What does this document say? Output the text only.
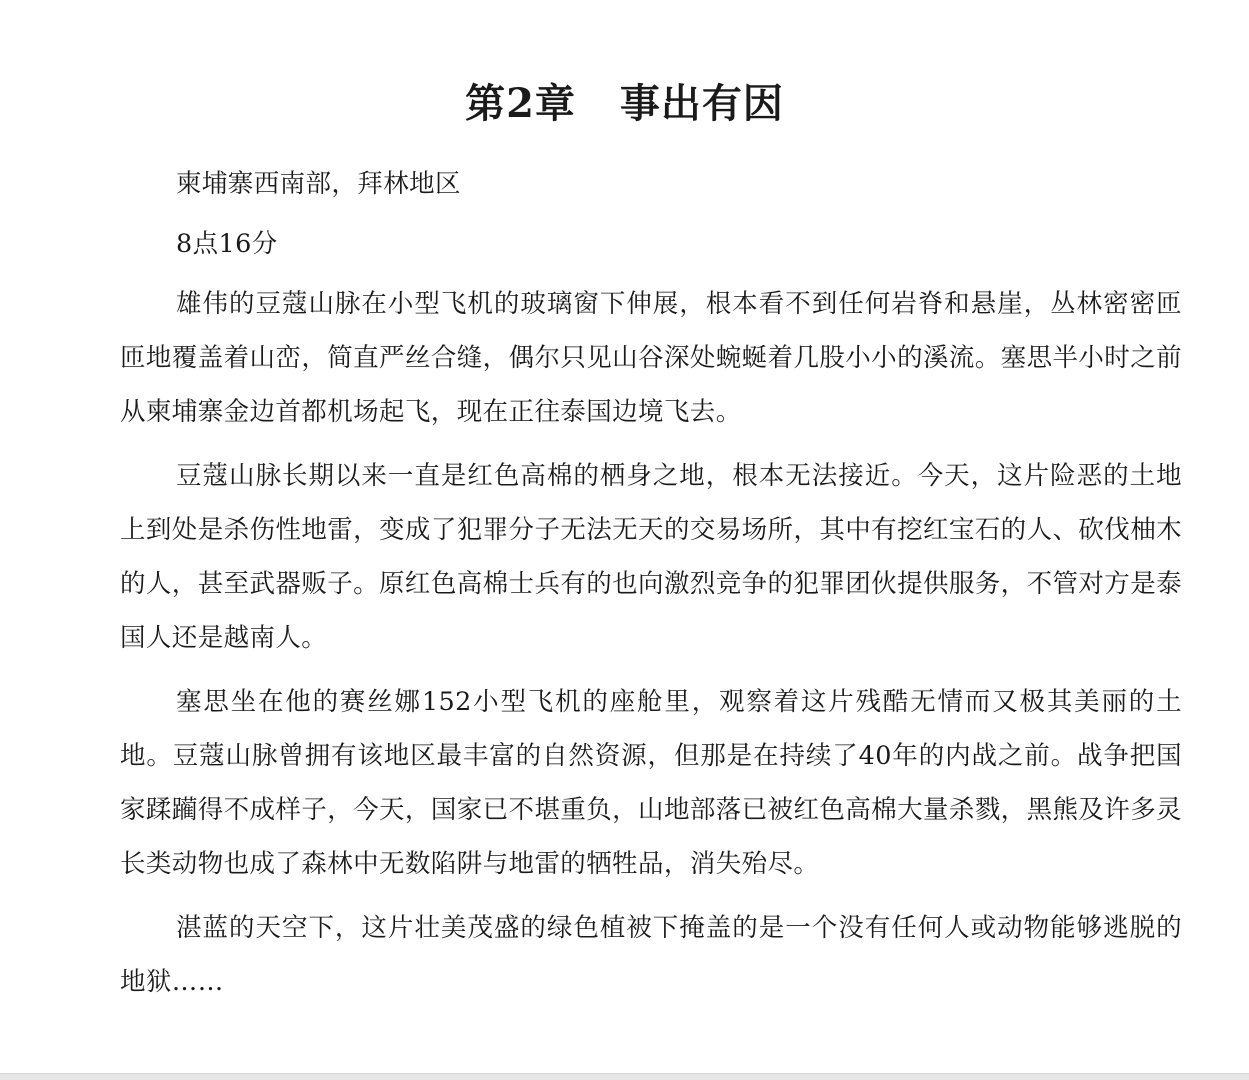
第2章 事出有因

柬埔寨西南部，拜林地区

8点16分

雄伟的豆蔻山脉在小型飞机的玻璃窗下伸展，根本看不到任何岩脊和悬崖，丛林密密匝匝地覆盖着山峦，简直严丝合缝，偶尔只见山谷深处蜿蜒着几股小小的溪流。塞思半小时之前从柬埔寨金边首都机场起飞，现在正往泰国边境飞去。

豆蔻山脉长期以来一直是红色高棉的栖身之地，根本无法接近。今天，这片险恶的土地上到处是杀伤性地雷，变成了犯罪分子无法无天的交易场所，其中有挖红宝石的人、砍伐柚木的人，甚至武器贩子。原红色高棉士兵有的也向激烈竞争的犯罪团伙提供服务，不管对方是泰国人还是越南人。

塞思坐在他的赛丝娜152小型飞机的座舱里，观察着这片残酷无情而又极其美丽的土地。豆蔻山脉曾拥有该地区最丰富的自然资源，但那是在持续了40年的内战之前。战争把国家蹂躏得不成样子，今天，国家已不堪重负，山地部落已被红色高棉大量杀戮，黑熊及许多灵长类动物也成了森林中无数陷阱与地雷的牺牲品，消失殆尽。

湛蓝的天空下，这片壮美茂盛的绿色植被下掩盖的是一个没有任何人或动物能够逃脱的地狱……
